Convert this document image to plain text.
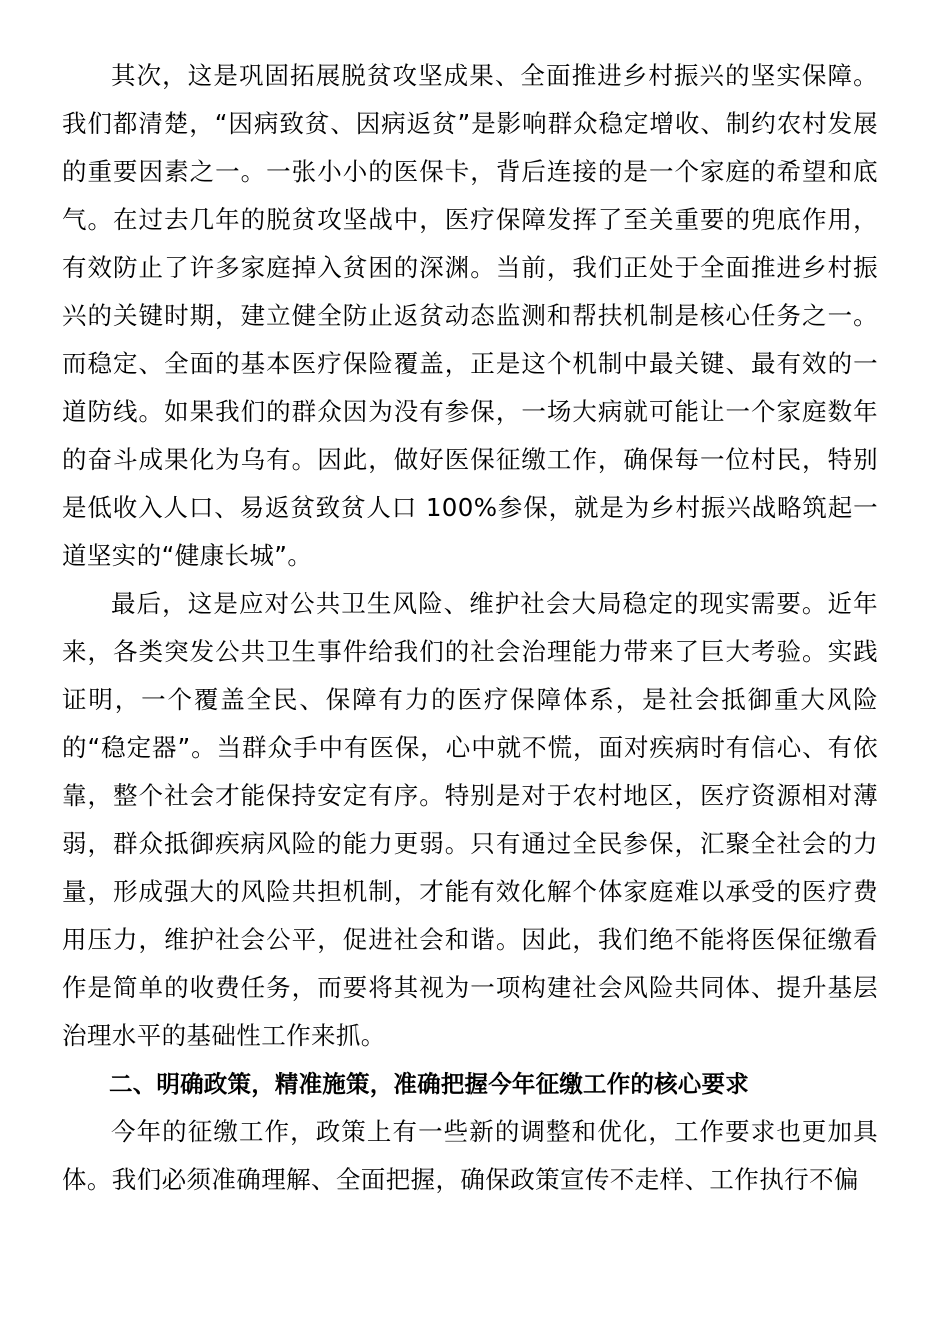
其次，这是巩固拓展脱贫攻坚成果、全面推进乡村振兴的坚实保障。我们都清楚，“因病致贫、因病返贫”是影响群众稳定增收、制约农村发展的重要因素之一。一张小小的医保卡，背后连接的是一个家庭的希望和底气。在过去几年的脱贫攻坚战中，医疗保障发挥了至关重要的兜底作用，有效防止了许多家庭掉入贫困的深渊。当前，我们正处于全面推进乡村振兴的关键时期，建立健全防止返贫动态监测和帮扶机制是核心任务之一。而稳定、全面的基本医疗保险覆盖，正是这个机制中最关键、最有效的一道防线。如果我们的群众因为没有参保，一场大病就可能让一个家庭数年的奋斗成果化为乌有。因此，做好医保征缴工作，确保每一位村民，特别是低收入人口、易返贫致贫人口 100%参保，就是为乡村振兴战略筑起一道坚实的“健康长城”。

最后，这是应对公共卫生风险、维护社会大局稳定的现实需要。近年来，各类突发公共卫生事件给我们的社会治理能力带来了巨大考验。实践证明，一个覆盖全民、保障有力的医疗保障体系，是社会抵御重大风险的“稳定器”。当群众手中有医保，心中就不慌，面对疾病时有信心、有依靠，整个社会才能保持安定有序。特别是对于农村地区，医疗资源相对薄弱，群众抵御疾病风险的能力更弱。只有通过全民参保，汇聚全社会的力量，形成强大的风险共担机制，才能有效化解个体家庭难以承受的医疗费用压力，维护社会公平，促进社会和谐。因此，我们绝不能将医保征缴看作是简单的收费任务，而要将其视为一项构建社会风险共同体、提升基层治理水平的基础性工作来抓。

二、明确政策，精准施策，准确把握今年征缴工作的核心要求

今年的征缴工作，政策上有一些新的调整和优化，工作要求也更加具体。我们必须准确理解、全面把握，确保政策宣传不走样、工作执行不偏
